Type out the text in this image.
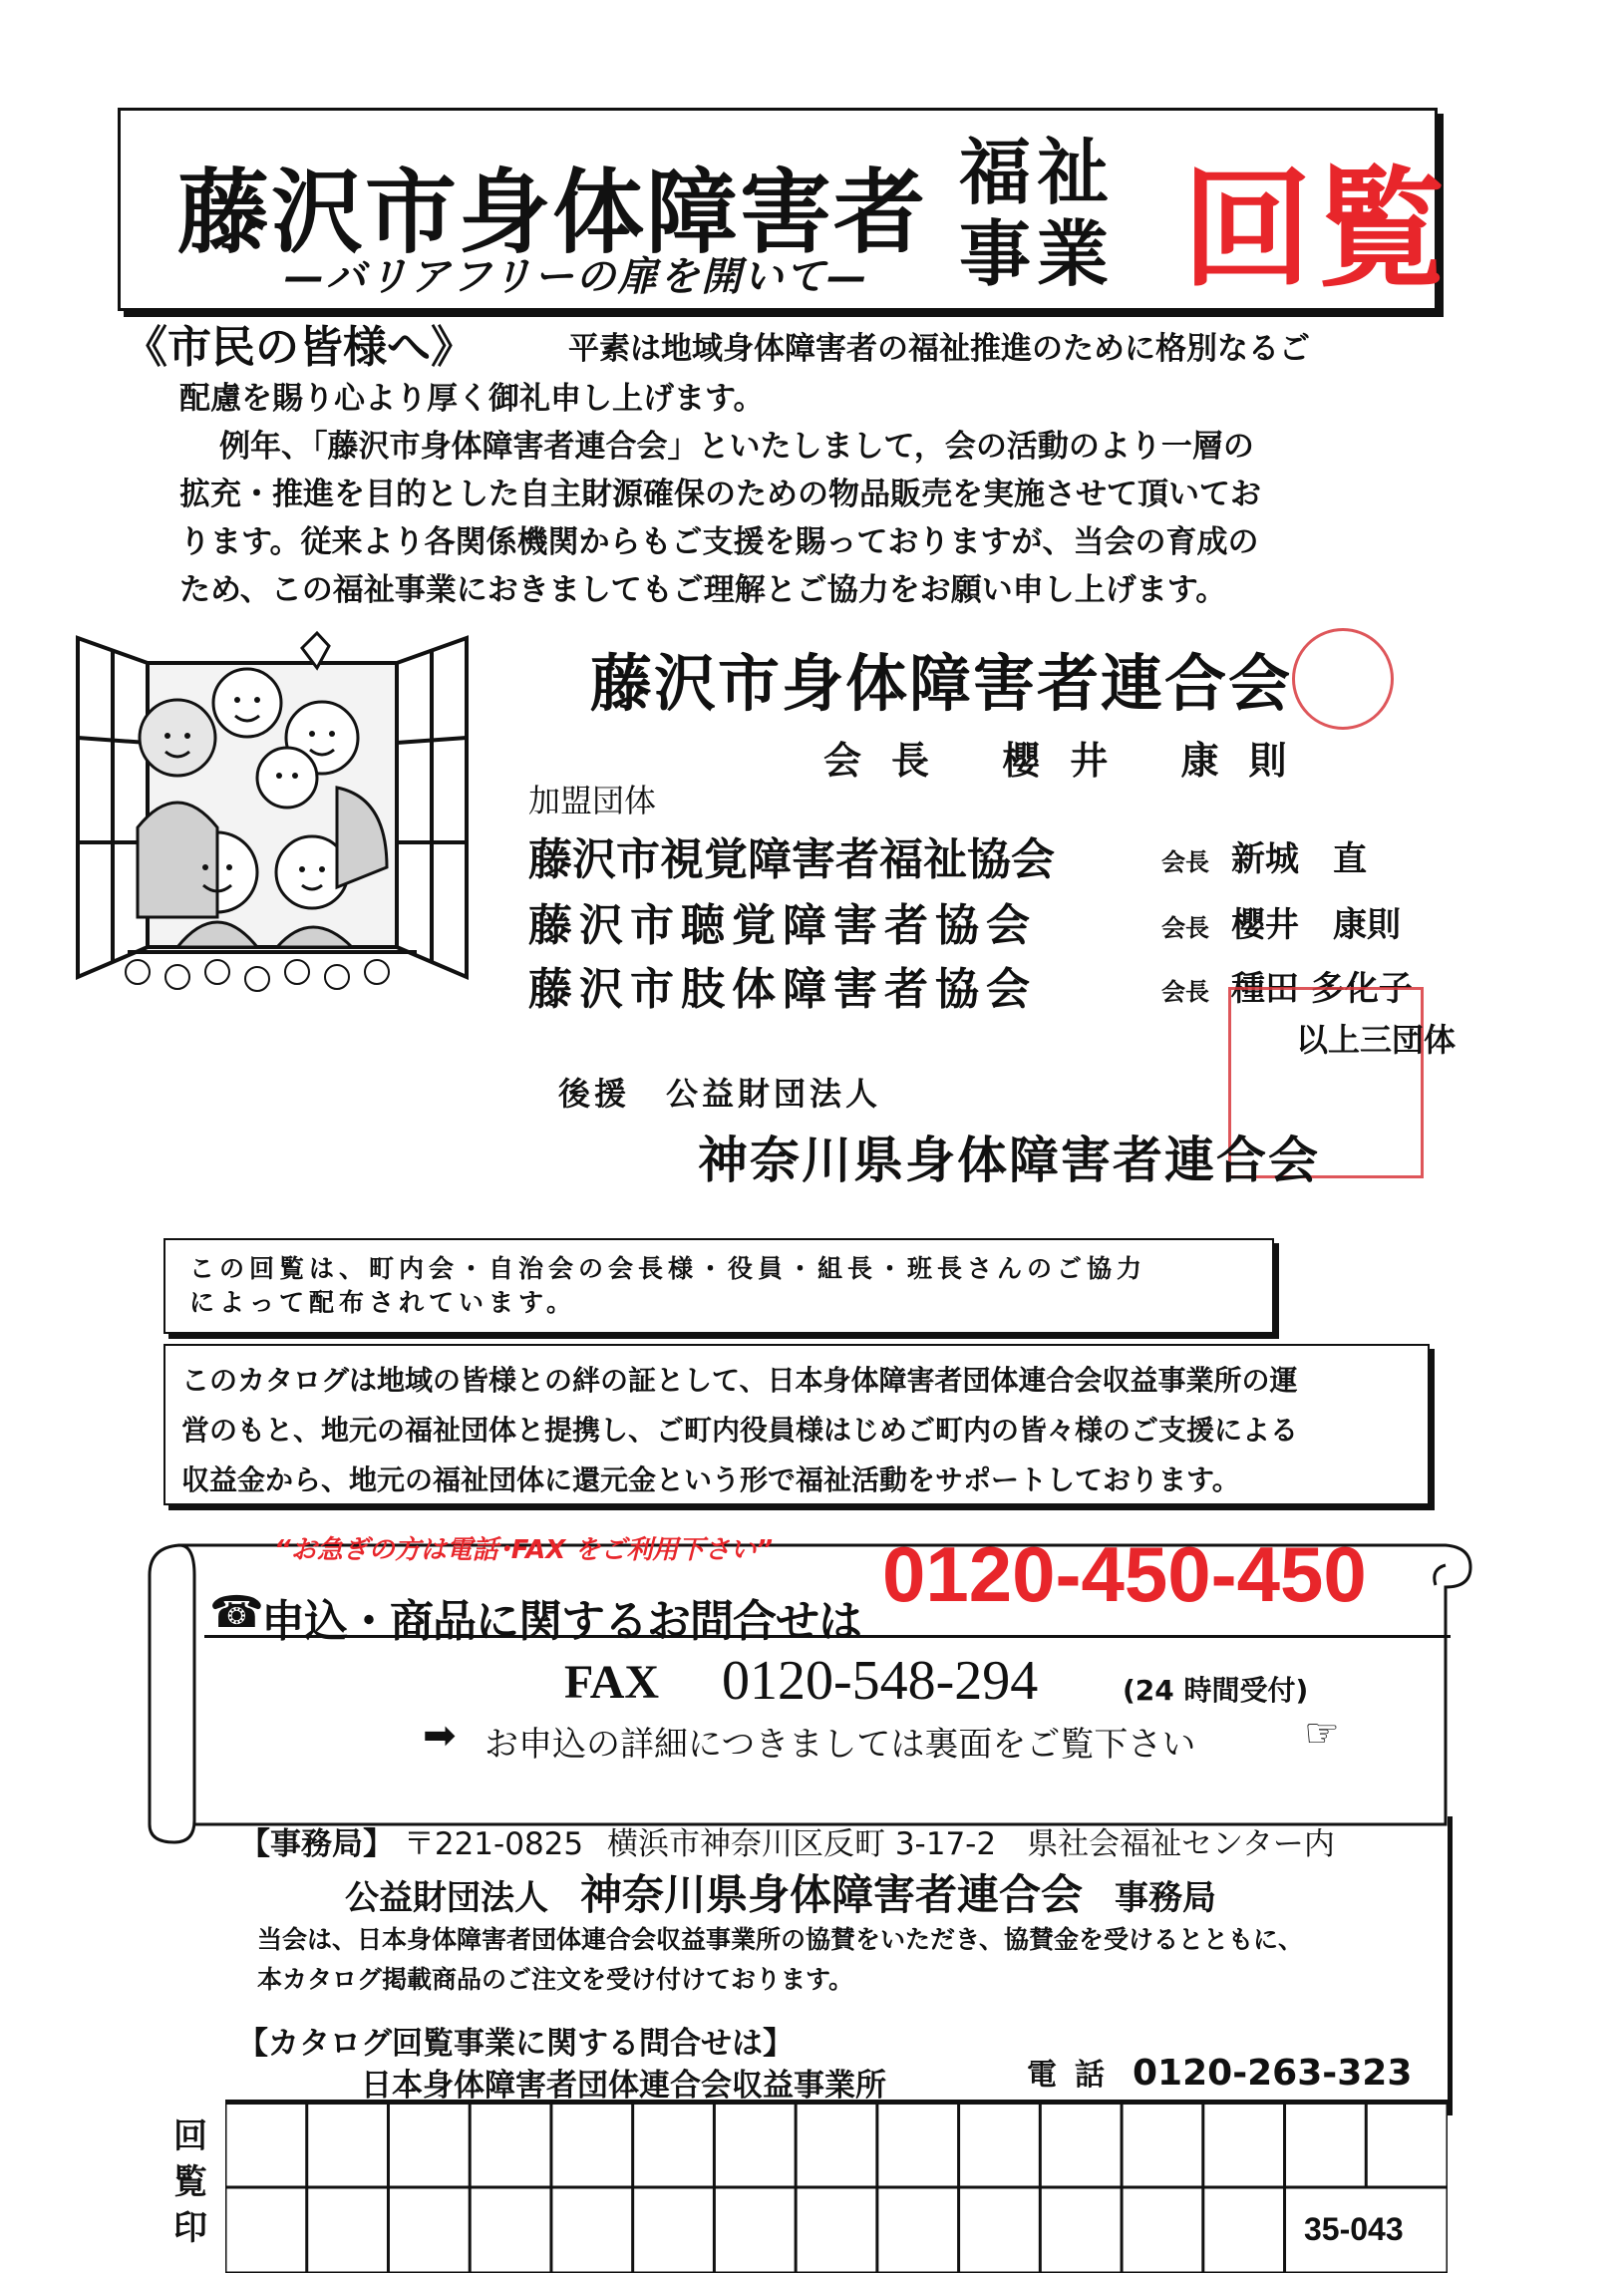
藤沢市身体障害者
—バリアフリーの扉を開いて—
福祉
事業 回覧
《市民の皆様へ》	平素は地域身体障害者の福祉推進のために格別なるご
配慮を賜り心より厚く御礼申し上げます。
例年、「藤沢市身体障害者連合会」といたしまして，会の活動のより一層の
拡充・推進を目的とした自主財源確保のための物品販売を実施させて頂いてお
ります。従来より各関係機関からもご支援を賜っておりますが、当会の育成の
ため、この福祉事業におきましてもご理解とご協力をお願い申し上げます。
藤沢市身体障害者連合会
会長 櫻井 康則
加盟団体
藤沢市視覚障害者福祉協会	会長 新城　直
藤沢市聴覚障害者協会	会長 櫻井　康則
藤沢市肢体障害者協会	会長 種田 多化子
以上三団体
後援　公益財団法人
神奈川県身体障害者連合会
この回覧は、町内会・自治会の会長様・役員・組長・班長さんのご協力
によって配布されています。
このカタログは地域の皆様との絆の証として、日本身体障害者団体連合会収益事業所の運
営のもと、地元の福祉団体と提携し、ご町内役員様はじめご町内の皆々様のご支援による
収益金から、地元の福祉団体に還元金という形で福祉活動をサポートしております。
“お急ぎの方は電話･FAX をご利用下さい”
☎
申込・商品に関するお問合せは
0120-450-450
FAX 0120-548-294	(24 時間受付)
➡ お申込の詳細につきましては裏面をご覧下さい	☞
【事務局】 〒221-0825 横浜市神奈川区反町 3-17-2　県社会福祉センター内
公益財団法人 神奈川県身体障害者連合会 事務局
当会は、日本身体障害者団体連合会収益事業所の協賛をいただき、協賛金を受けるとともに、
本カタログ掲載商品のご注文を受け付けております。
【カタログ回覧事業に関する問合せは】
日本身体障害者団体連合会収益事業所	電話 0120-263-323
回覧印	35-043
